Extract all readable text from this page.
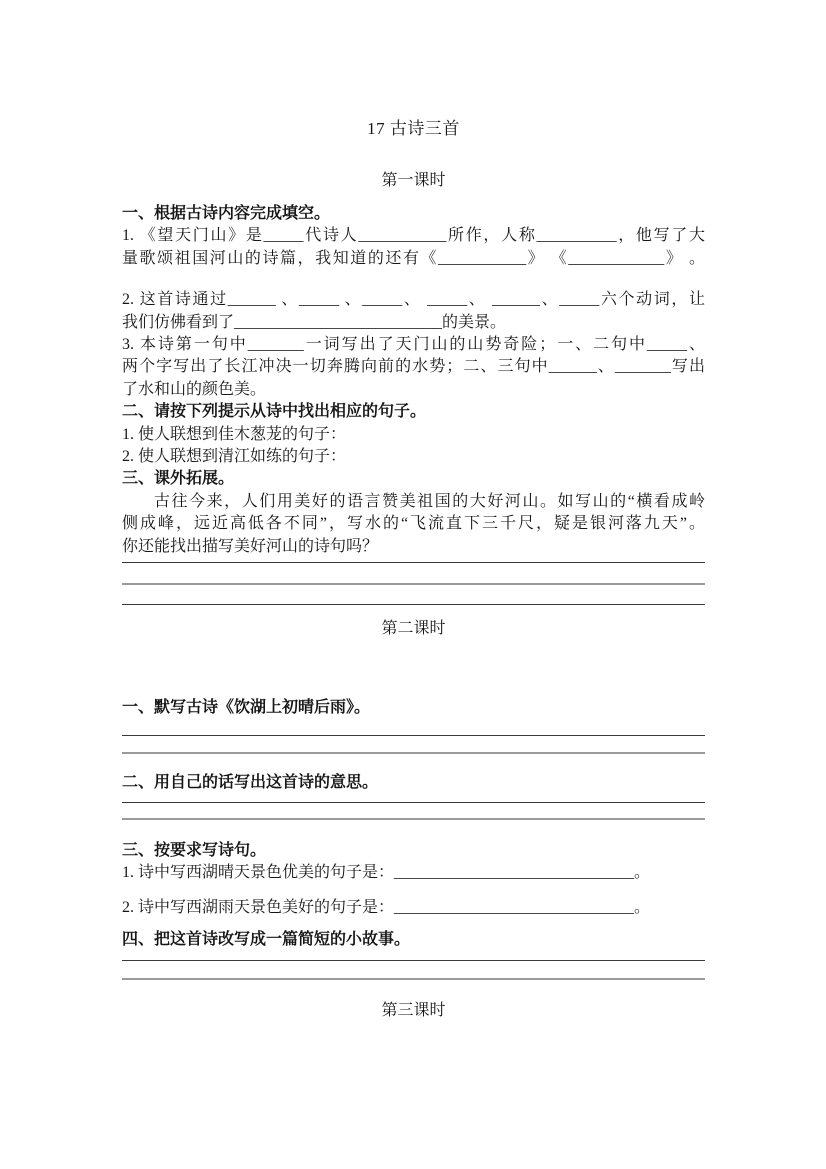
17 古诗三首
第一课时
一、根据古诗内容完成填空。
1. 《望天门山》是_____代诗人___________所作，人称__________，他写了大
量歌颂祖国河山的诗篇，我知道的还有《___________》 《____________》 。
2. 这首诗通过______ 、_____ 、_____、 _____、 ______、_____六个动词，让
我们仿佛看到了__________________________的美景。
3. 本诗第一句中_______一词写出了天门山的山势奇险；一、二句中_____、
两个字写出了长江冲决一切奔腾向前的水势；二、三句中______、_______写出
了水和山的颜色美。
二、请按下列提示从诗中找出相应的句子。
1. 使人联想到佳木葱茏的句子：
2. 使人联想到清江如练的句子：
三、课外拓展。
古往今来，人们用美好的语言赞美祖国的大好河山。如写山的“横看成岭
侧成峰，远近高低各不同”，写水的“飞流直下三千尺，疑是银河落九天”。
你还能找出描写美好河山的诗句吗？
第二课时
一、默写古诗《饮湖上初晴后雨》。
二、用自己的话写出这首诗的意思。
三、按要求写诗句。
1. 诗中写西湖晴天景色优美的句子是：______________________________。
2. 诗中写西湖雨天景色美好的句子是：______________________________。
四、把这首诗改写成一篇简短的小故事。
第三课时
